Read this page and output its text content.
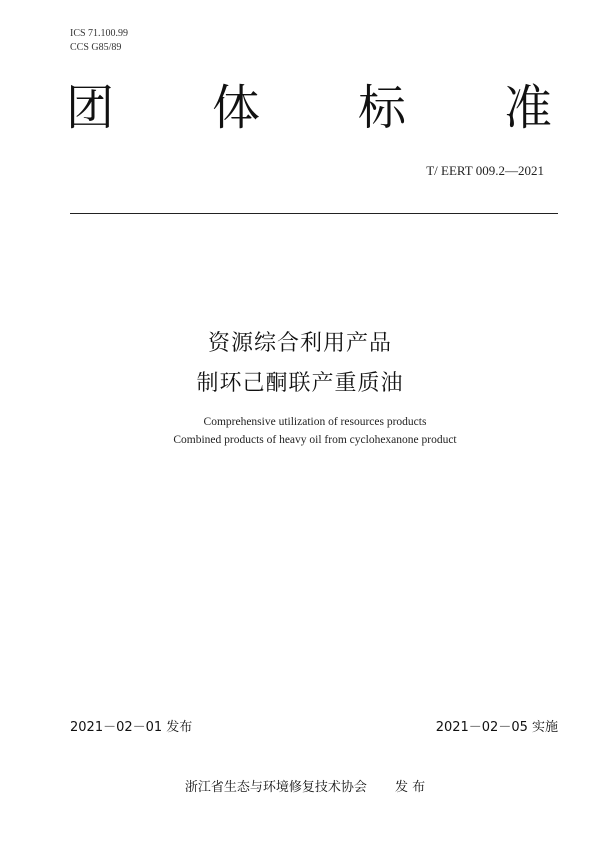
ICS 71.100.99
CCS G85/89
团 体 标 准
T/ EERT 009.2—2021
资源综合利用产品
制环己酮联产重质油
Comprehensive utilization of resources products
Combined products of heavy oil from cyclohexanone product
2021－02－01 发布	2021－02－05 实施
浙江省生态与环境修复技术协会 发 布
